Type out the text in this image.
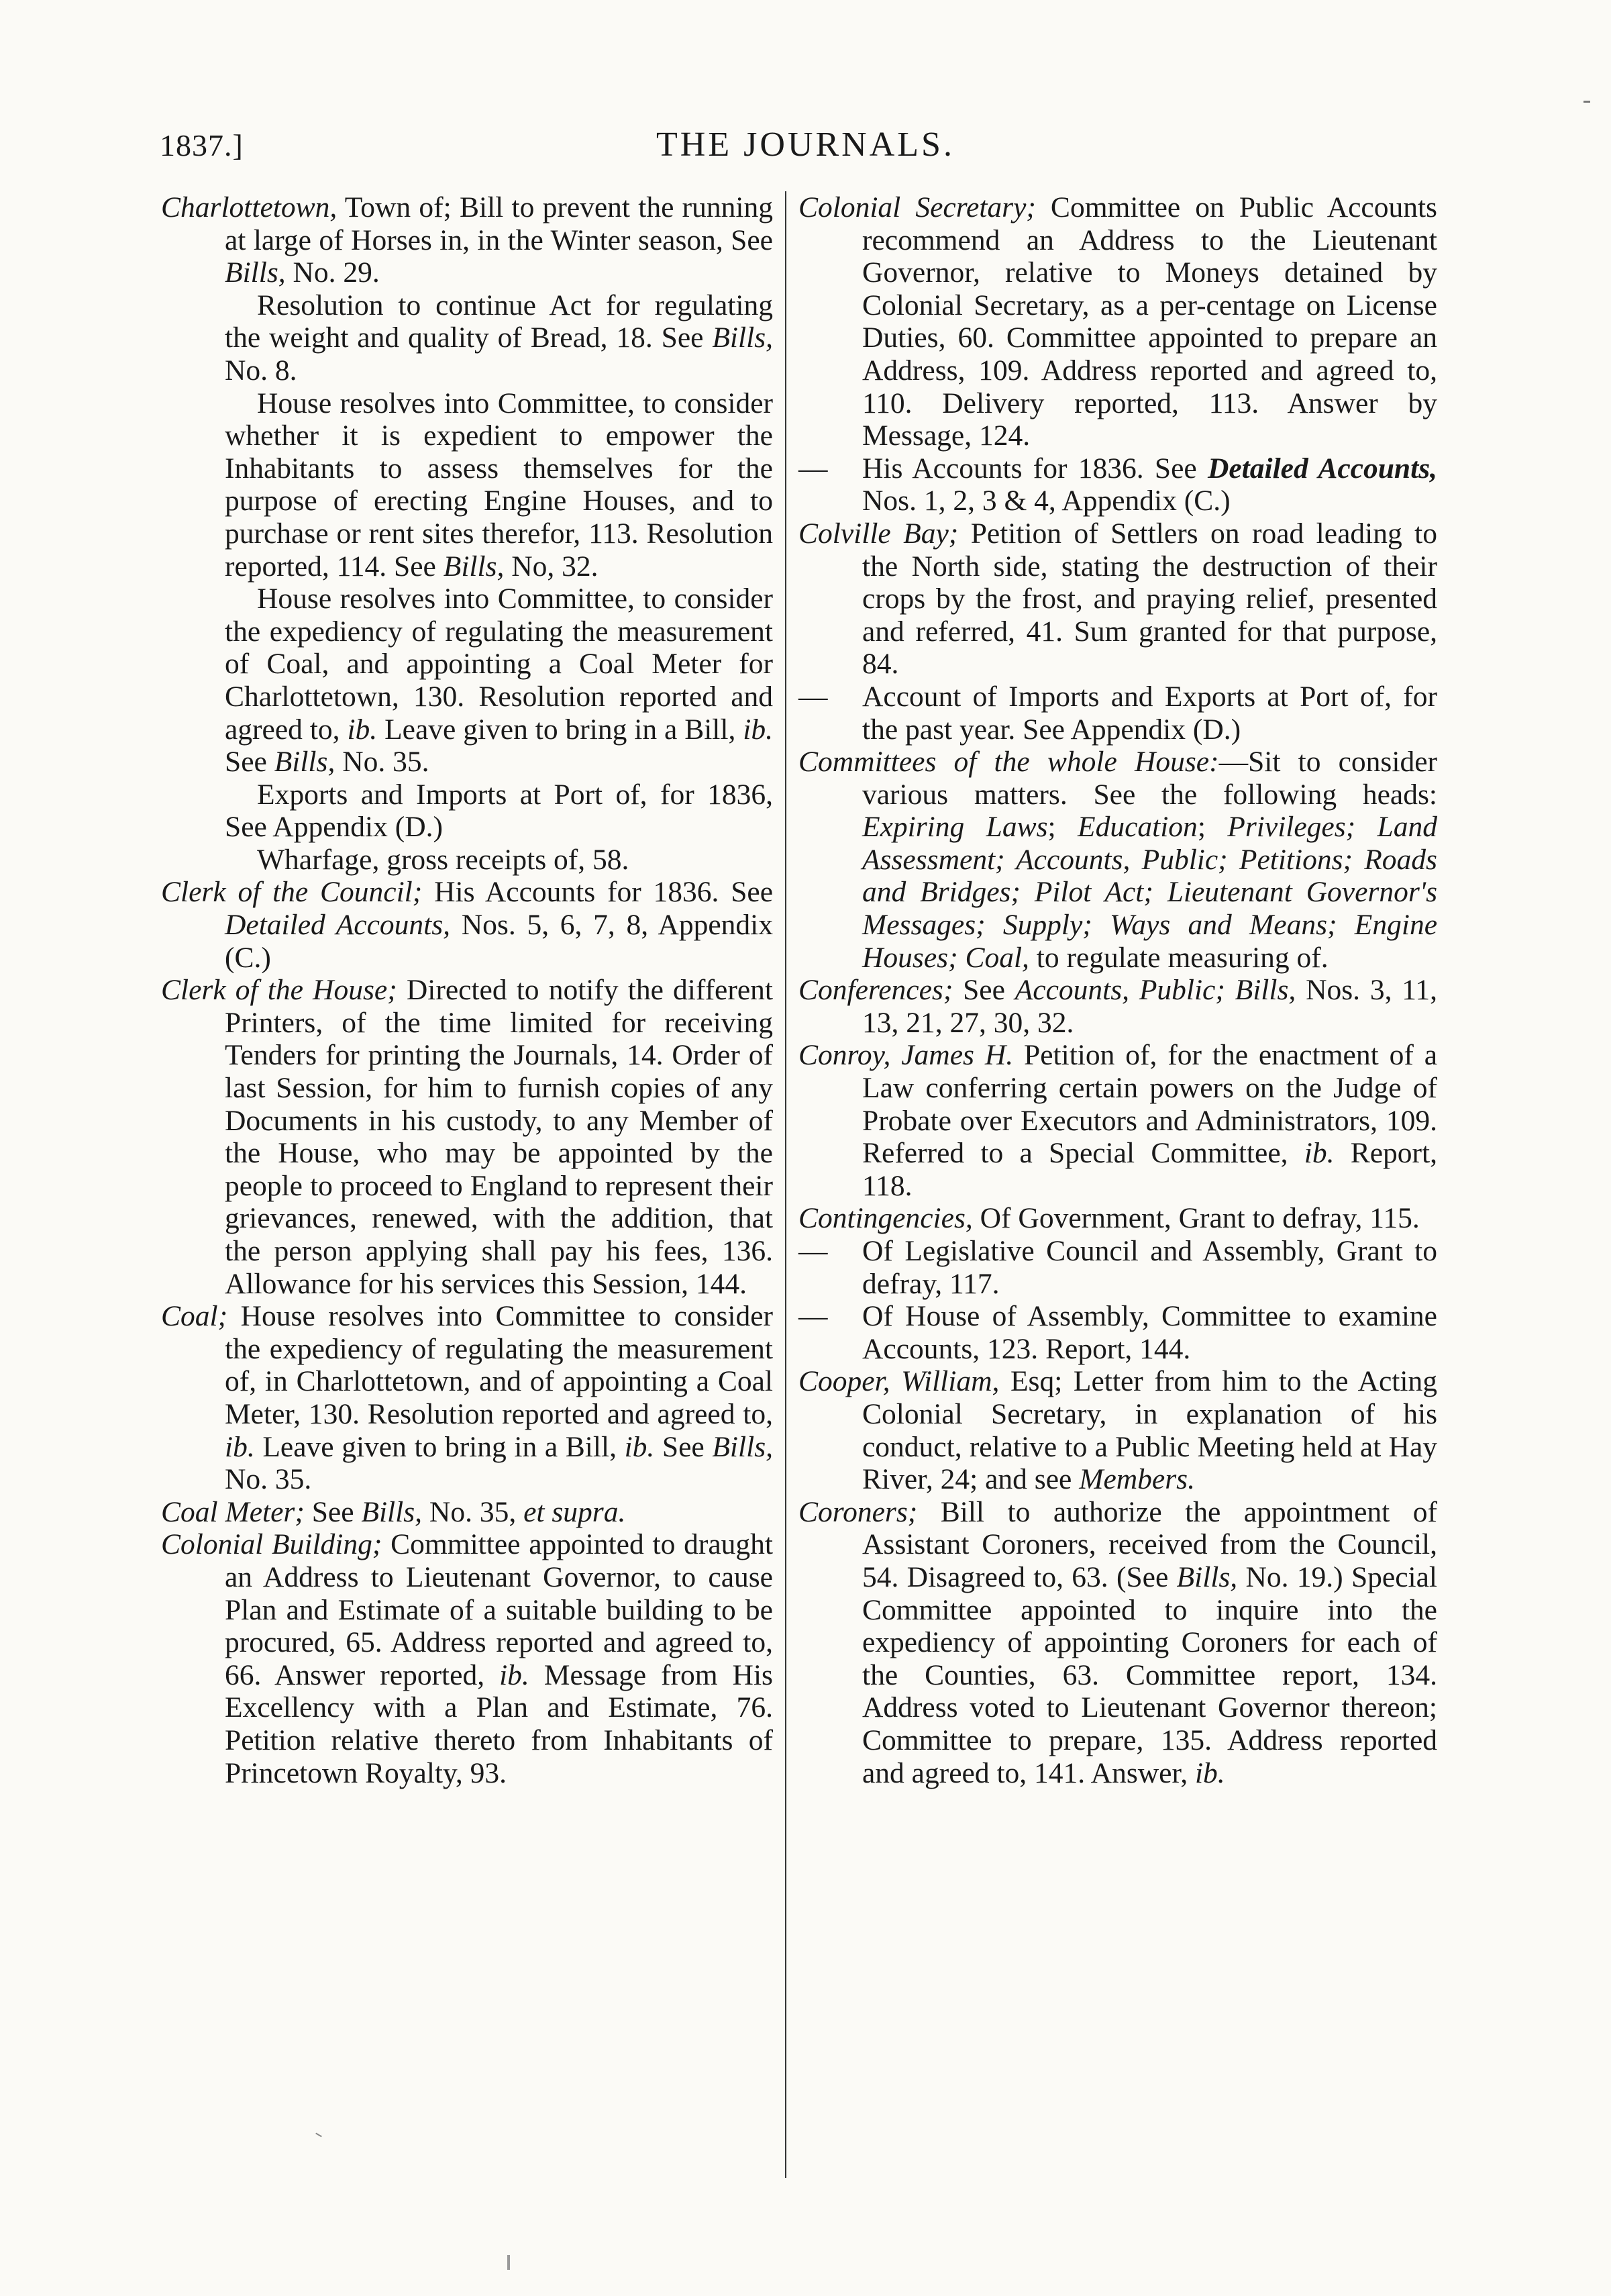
1837.]	THE JOURNALS.

Charlottetown, Town of; Bill to prevent the running at large of Horses in, in the Winter season, See Bills, No. 29.

Resolution to continue Act for regulating the weight and quality of Bread, 18. See Bills, No. 8.

House resolves into Committee, to consider whether it is expedient to empower the Inhabitants to assess themselves for the purpose of erecting Engine Houses, and to purchase or rent sites therefor, 113. Resolution reported, 114. See Bills, No, 32.

House resolves into Committee, to consider the expediency of regulating the measurement of Coal, and appointing a Coal Meter for Charlottetown, 130. Resolution reported and agreed to, ib. Leave given to bring in a Bill, ib. See Bills, No. 35.

Exports and Imports at Port of, for 1836, See Appendix (D.)

Wharfage, gross receipts of, 58.

Clerk of the Council; His Accounts for 1836. See Detailed Accounts, Nos. 5, 6, 7, 8, Appendix (C.)

Clerk of the House; Directed to notify the different Printers, of the time limited for receiving Tenders for printing the Journals, 14. Order of last Session, for him to furnish copies of any Documents in his custody, to any Member of the House, who may be appointed by the people to proceed to England to represent their grievances, renewed, with the addition, that the person applying shall pay his fees, 136. Allowance for his services this Session, 144.

Coal; House resolves into Committee to consider the expediency of regulating the measurement of, in Charlottetown, and of appointing a Coal Meter, 130. Resolution reported and agreed to, ib. Leave given to bring in a Bill, ib. See Bills, No. 35.

Coal Meter; See Bills, No. 35, et supra.

Colonial Building; Committee appointed to draught an Address to Lieutenant Governor, to cause Plan and Estimate of a suitable building to be procured, 65. Address reported and agreed to, 66. Answer reported, ib. Message from His Excellency with a Plan and Estimate, 76. Petition relative thereto from Inhabitants of Princetown Royalty, 93.

Colonial Secretary; Committee on Public Accounts recommend an Address to the Lieutenant Governor, relative to Moneys detained by Colonial Secretary, as a per-centage on License Duties, 60. Committee appointed to prepare an Address, 109. Address reported and agreed to, 110. Delivery reported, 113. Answer by Message, 124.

— His Accounts for 1836. See Detailed Accounts, Nos. 1, 2, 3 & 4, Appendix (C.)

Colville Bay; Petition of Settlers on road leading to the North side, stating the destruction of their crops by the frost, and praying relief, presented and referred, 41. Sum granted for that purpose, 84.

— Account of Imports and Exports at Port of, for the past year. See Appendix (D.)

Committees of the whole House:—Sit to consider various matters. See the following heads: Expiring Laws; Education; Privileges; Land Assessment; Accounts, Public; Petitions; Roads and Bridges; Pilot Act; Lieutenant Governor's Messages; Supply; Ways and Means; Engine Houses; Coal, to regulate measuring of.

Conferences; See Accounts, Public; Bills, Nos. 3, 11, 13, 21, 27, 30, 32.

Conroy, James H. Petition of, for the enactment of a Law conferring certain powers on the Judge of Probate over Executors and Administrators, 109. Referred to a Special Committee, ib. Report, 118.

Contingencies, Of Government, Grant to defray, 115.

— Of Legislative Council and Assembly, Grant to defray, 117.

— Of House of Assembly, Committee to examine Accounts, 123. Report, 144.

Cooper, William, Esq; Letter from him to the Acting Colonial Secretary, in explanation of his conduct, relative to a Public Meeting held at Hay River, 24; and see Members.

Coroners; Bill to authorize the appointment of Assistant Coroners, received from the Council, 54. Disagreed to, 63. (See Bills, No. 19.) Special Committee appointed to inquire into the expediency of appointing Coroners for each of the Counties, 63. Committee report, 134. Address voted to Lieutenant Governor thereon; Committee to prepare, 135. Address reported and agreed to, 141. Answer, ib.
